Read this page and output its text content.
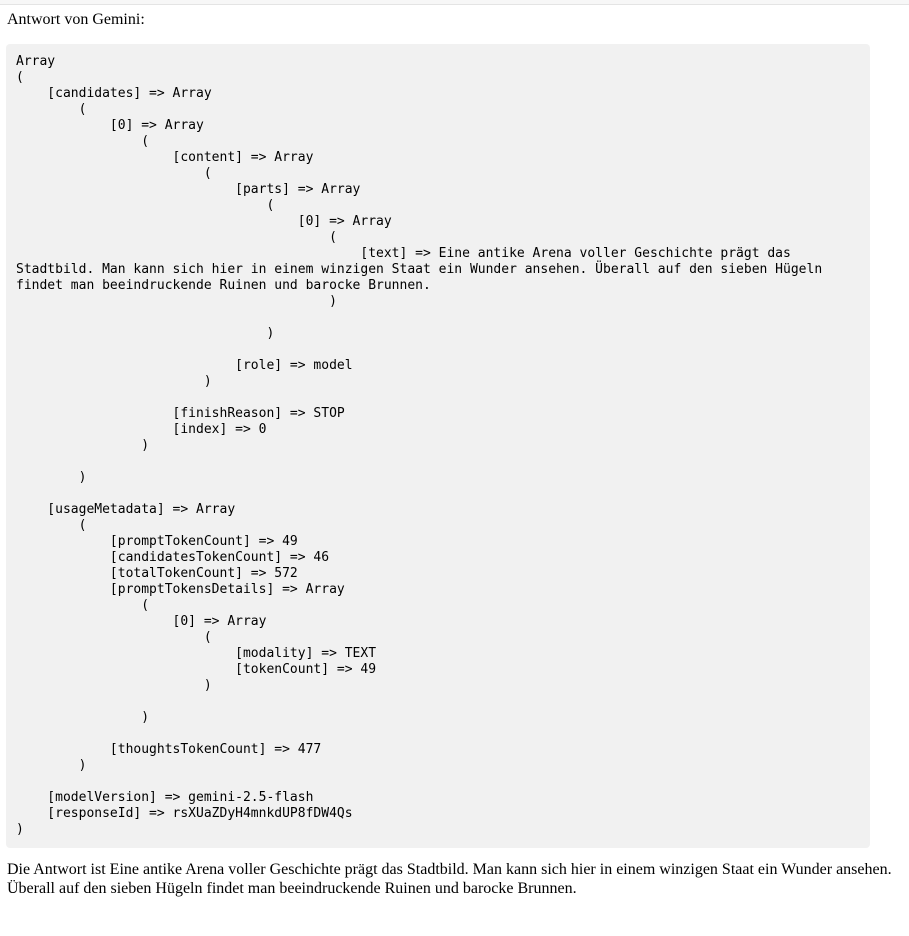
Antwort von Gemini:
Array
(
[candidates] => Array
(
[0] => Array
(
[content] => Array
(
[parts] => Array
(
[0] => Array
(
[text] => Eine antike Arena voller Geschichte prägt das
Stadtbild. Man kann sich hier in einem winzigen Staat ein Wunder ansehen. Überall auf den sieben Hügeln
findet man beeindruckende Ruinen und barocke Brunnen.
)

)

[role] => model
)

[finishReason] => STOP
[index] => 0
)

)

[usageMetadata] => Array
(
[promptTokenCount] => 49
[candidatesTokenCount] => 46
[totalTokenCount] => 572
[promptTokensDetails] => Array
(
[0] => Array
(
[modality] => TEXT
[tokenCount] => 49
)

)

[thoughtsTokenCount] => 477
)

[modelVersion] => gemini-2.5-flash
[responseId] => rsXUaZDyH4mnkdUP8fDW4Qs
)
Die Antwort ist Eine antike Arena voller Geschichte prägt das Stadtbild. Man kann sich hier in einem winzigen Staat ein Wunder ansehen. Überall auf den sieben Hügeln findet man beeindruckende Ruinen und barocke Brunnen.
